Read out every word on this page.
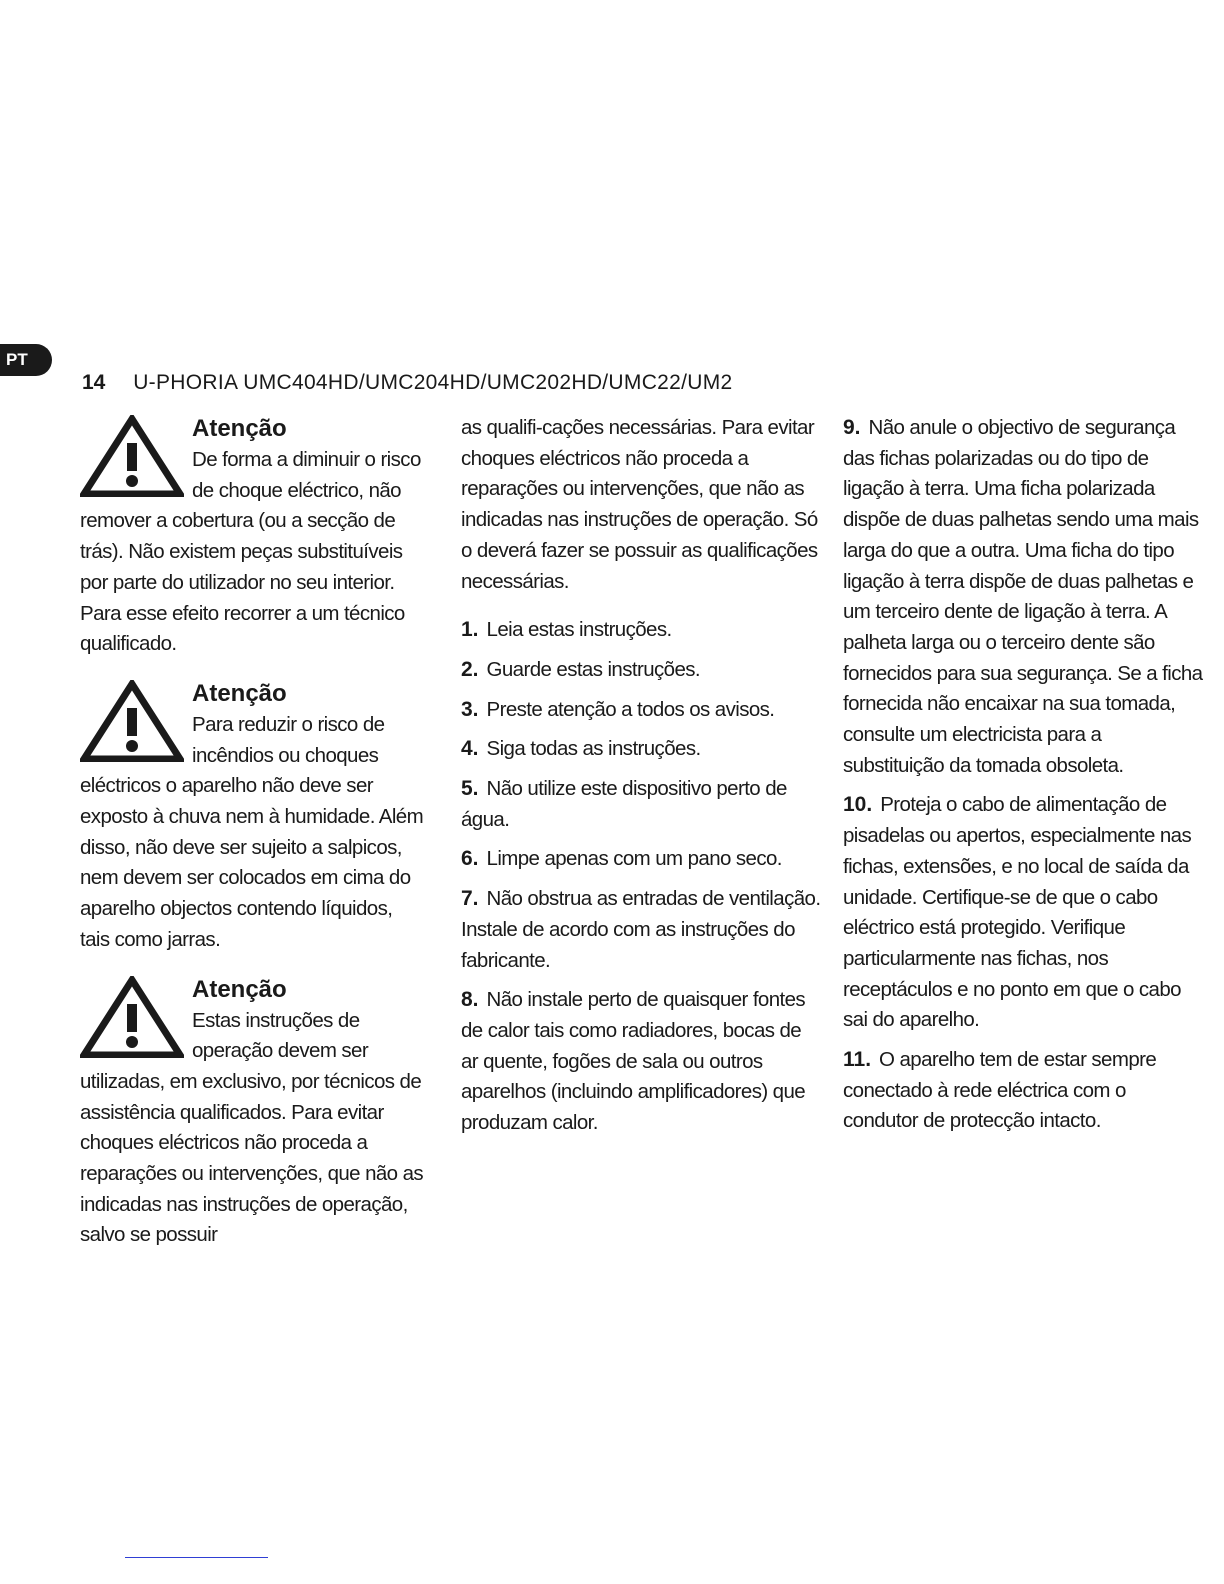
14 U-PHORIA UMC404HD/UMC204HD/UMC202HD/UMC22/UM2
PT
Atenção
De forma a diminuir o risco de choque eléctrico, não remover a cobertura (ou a secção de trás). Não existem peças substituíveis por parte do utilizador no seu interior. Para esse efeito recorrer a um técnico qualificado.
Atenção
Para reduzir o risco de incêndios ou choques eléctricos o aparelho não deve ser exposto à chuva nem à humidade. Além disso, não deve ser sujeito a salpicos, nem devem ser colocados em cima do aparelho objectos contendo líquidos, tais como jarras.
Atenção
Estas instruções de operação devem ser utilizadas, em exclusivo, por técnicos de assistência qualificados. Para evitar choques eléctricos não proceda a reparações ou intervenções, que não as indicadas nas instruções de operação, salvo se possuir
as qualifi-cações necessárias. Para evitar choques eléctricos não proceda a reparações ou intervenções, que não as indicadas nas instruções de operação. Só o deverá fazer se possuir as qualificações necessárias.
1. Leia estas instruções.
2. Guarde estas instruções.
3. Preste atenção a todos os avisos.
4. Siga todas as instruções.
5. Não utilize este dispositivo perto de água.
6. Limpe apenas com um pano seco.
7. Não obstrua as entradas de ventilação. Instale de acordo com as instruções do fabricante.
8. Não instale perto de quaisquer fontes de calor tais como radiadores, bocas de ar quente, fogões de sala ou outros aparelhos (incluindo amplificadores) que produzam calor.
9. Não anule o objectivo de segurança das fichas polarizadas ou do tipo de ligação à terra. Uma ficha polarizada dispõe de duas palhetas sendo uma mais larga do que a outra. Uma ficha do tipo ligação à terra dispõe de duas palhetas e um terceiro dente de ligação à terra. A palheta larga ou o terceiro dente são fornecidos para sua segurança. Se a ficha fornecida não encaixar na sua tomada, consulte um electricista para a substituição da tomada obsoleta.
10. Proteja o cabo de alimentação de pisadelas ou apertos, especialmente nas fichas, extensões, e no local de saída da unidade. Certifique-se de que o cabo eléctrico está protegido. Verifique particularmente nas fichas, nos receptáculos e no ponto em que o cabo sai do aparelho.
11. O aparelho tem de estar sempre conectado à rede eléctrica com o condutor de protecção intacto.
